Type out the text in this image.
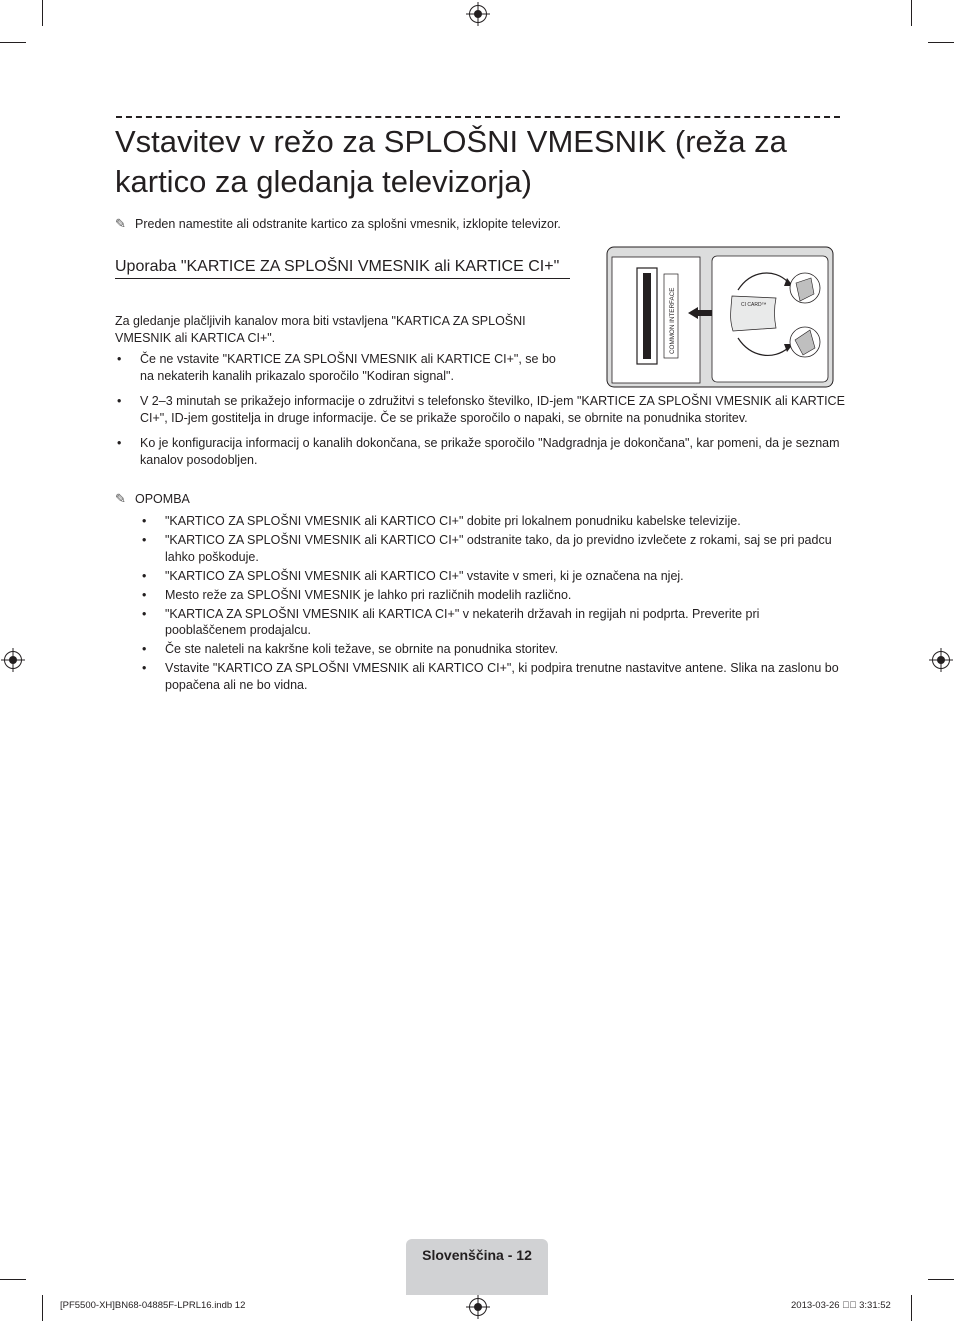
Vstavitev v režo za SPLOŠNI VMESNIK (reža za kartico za gledanja televizorja)
✎ Preden namestite ali odstranite kartico za splošni vmesnik, izklopite televizor.
Uporaba "KARTICE ZA SPLOŠNI VMESNIK ali KARTICE CI+"
Za gledanje plačljivih kanalov mora biti vstavljena "KARTICA ZA SPLOŠNI
VMESNIK ali KARTICA CI+".
• Če ne vstavite "KARTICE ZA SPLOŠNI VMESNIK ali KARTICE CI+", se bo na nekaterih kanalih prikazalo sporočilo "Kodiran signal".
• V 2–3 minutah se prikažejo informacije o združitvi s telefonsko številko, ID-jem "KARTICE ZA SPLOŠNI VMESNIK ali KARTICE CI+", ID-jem gostitelja in druge informacije. Če se prikaže sporočilo o napaki, se obrnite na ponudnika storitev.
• Ko je konfiguracija informacij o kanalih dokončana, se prikaže sporočilo "Nadgradnja je dokončana", kar pomeni, da je seznam kanalov posodobljen.
✎ OPOMBA
• "KARTICO ZA SPLOŠNI VMESNIK ali KARTICO CI+" dobite pri lokalnem ponudniku kabelske televizije.
• "KARTICO ZA SPLOŠNI VMESNIK ali KARTICO CI+" odstranite tako, da jo previdno izvlečete z rokami, saj se pri padcu lahko poškoduje.
• "KARTICO ZA SPLOŠNI VMESNIK ali KARTICO CI+" vstavite v smeri, ki je označena na njej.
• Mesto reže za SPLOŠNI VMESNIK je lahko pri različnih modelih različno.
• "KARTICA ZA SPLOŠNI VMESNIK ali KARTICA CI+" v nekaterih državah in regijah ni podprta. Preverite pri pooblaščenem prodajalcu.
• Če ste naleteli na kakršne koli težave, se obrnite na ponudnika storitev.
• Vstavite "KARTICO ZA SPLOŠNI VMESNIK ali KARTICO CI+", ki podpira trenutne nastavitve antene. Slika na zaslonu bo popačena ali ne bo vidna.
COMMON INTERFACE	CI CARD™
Slovenščina - 12
[PF5500-XH]BN68-04885F-LPRL16.indb 12	2013-03-26 ￿￿ 3:31:52
